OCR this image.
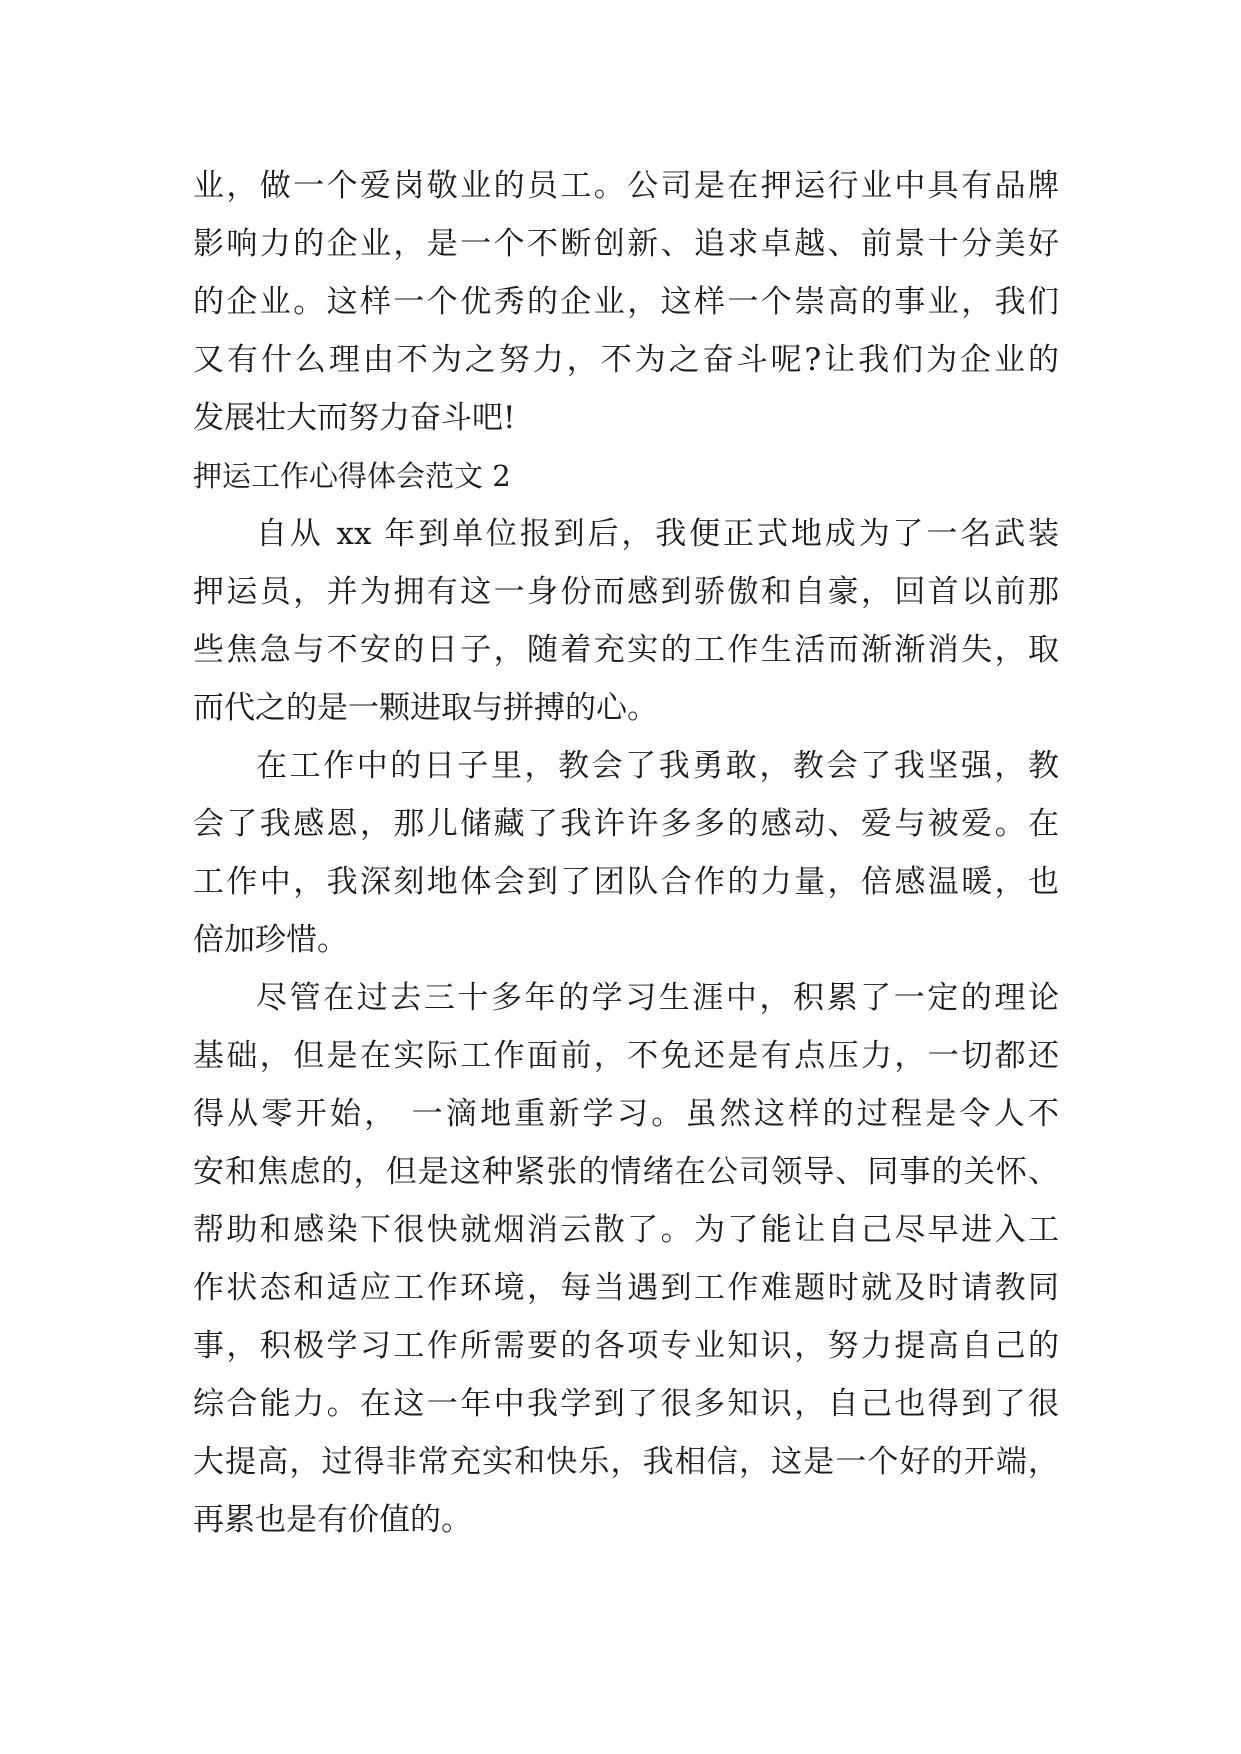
业，做一个爱岗敬业的员工。公司是在押运行业中具有品牌
影响力的企业，是一个不断创新、追求卓越、前景十分美好
的企业。这样一个优秀的企业，这样一个崇高的事业，我们
又有什么理由不为之努力，不为之奋斗呢?让我们为企业的
发展壮大而努力奋斗吧!
押运工作心得体会范文 2
自从 xx 年到单位报到后，我便正式地成为了一名武装
押运员，并为拥有这一身份而感到骄傲和自豪，回首以前那
些焦急与不安的日子，随着充实的工作生活而渐渐消失，取
而代之的是一颗进取与拼搏的心。
在工作中的日子里，教会了我勇敢，教会了我坚强，教
会了我感恩，那儿储藏了我许许多多的感动、爱与被爱。在
工作中，我深刻地体会到了团队合作的力量，倍感温暖，也
倍加珍惜。
尽管在过去三十多年的学习生涯中，积累了一定的理论
基础，但是在实际工作面前，不免还是有点压力，一切都还
得从零开始， 一滴地重新学习。虽然这样的过程是令人不
安和焦虑的，但是这种紧张的情绪在公司领导、同事的关怀、
帮助和感染下很快就烟消云散了。为了能让自己尽早进入工
作状态和适应工作环境，每当遇到工作难题时就及时请教同
事，积极学习工作所需要的各项专业知识，努力提高自己的
综合能力。在这一年中我学到了很多知识，自己也得到了很
大提高，过得非常充实和快乐，我相信，这是一个好的开端，
再累也是有价值的。
